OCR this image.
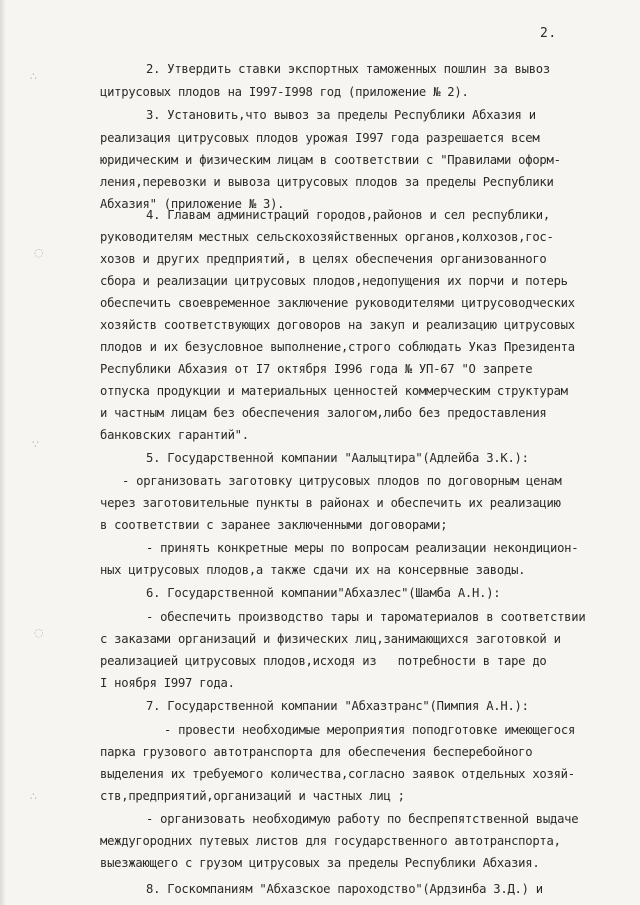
∴
◌
∵
◌
∴
2.
2. Утвердить ставки экспортных таможенных пошлин за вывоз
цитрусовых плодов на I997-I998 год (приложение № 2).
3. Установить,что вывоз за пределы Республики Абхазия и
реализация цитрусовых плодов урожая I997 года разрешается всем
юридическим и физическим лицам в соответствии с "Правилами оформ-
ления,перевозки и вывоза цитрусовых плодов за пределы Республики
Абхазия" (приложение № 3).
4. Главам администраций городов,районов и сел республики,
руководителям местных сельскохозяйственных органов,колхозов,гос-
хозов и других предприятий, в целях обеспечения организованного
сбора и реализации цитрусовых плодов,недопущения их порчи и потерь
обеспечить своевременное заключение руководителями цитрусоводческих
хозяйств соответствующих договоров на закуп и реализацию цитрусовых
плодов и их безусловное выполнение,строго соблюдать Указ Президента
Республики Абхазия от I7 октября I996 года № УП-67 "О запрете
отпуска продукции и материальных ценностей коммерческим структурам
и частным лицам без обеспечения залогом,либо без предоставления
банковских гарантий".
5. Государственной компании "Аалыцтира"(Адлейба З.К.):
- организовать заготовку цитрусовых плодов по договорным ценам
через заготовительные пункты в районах и обеспечить их реализацию
в соответствии с заранее заключенными договорами;
- принять конкретные меры по вопросам реализации некондицион-
ных цитрусовых плодов,а также сдачи их на консервные заводы.
6. Государственной компании"Абхазлес"(Шамба А.Н.):
- обеспечить производство тары и тароматериалов в соответствии
с заказами организаций и физических лиц,занимающихся заготовкой и
реализацией цитрусовых плодов,исходя из   потребности в таре до
I ноября I997 года.
7. Государственной компании "Абхазтранс"(Пимпия А.Н.):
- провести необходимые мероприятия поподготовке имеющегося
парка грузового автотранспорта для обеспечения бесперебойного
выделения их требуемого количества,согласно заявок отдельных хозяй-
ств,предприятий,организаций и частных лиц ;
- организовать необходимую работу по беспрепятственной выдаче
междугородних путевых листов для государственного автотранспорта,
выезжающего с грузом цитрусовых за пределы Республики Абхазия.
8. Госкомпаниям "Абхазское пароходство"(Ардзинба З.Д.) и
